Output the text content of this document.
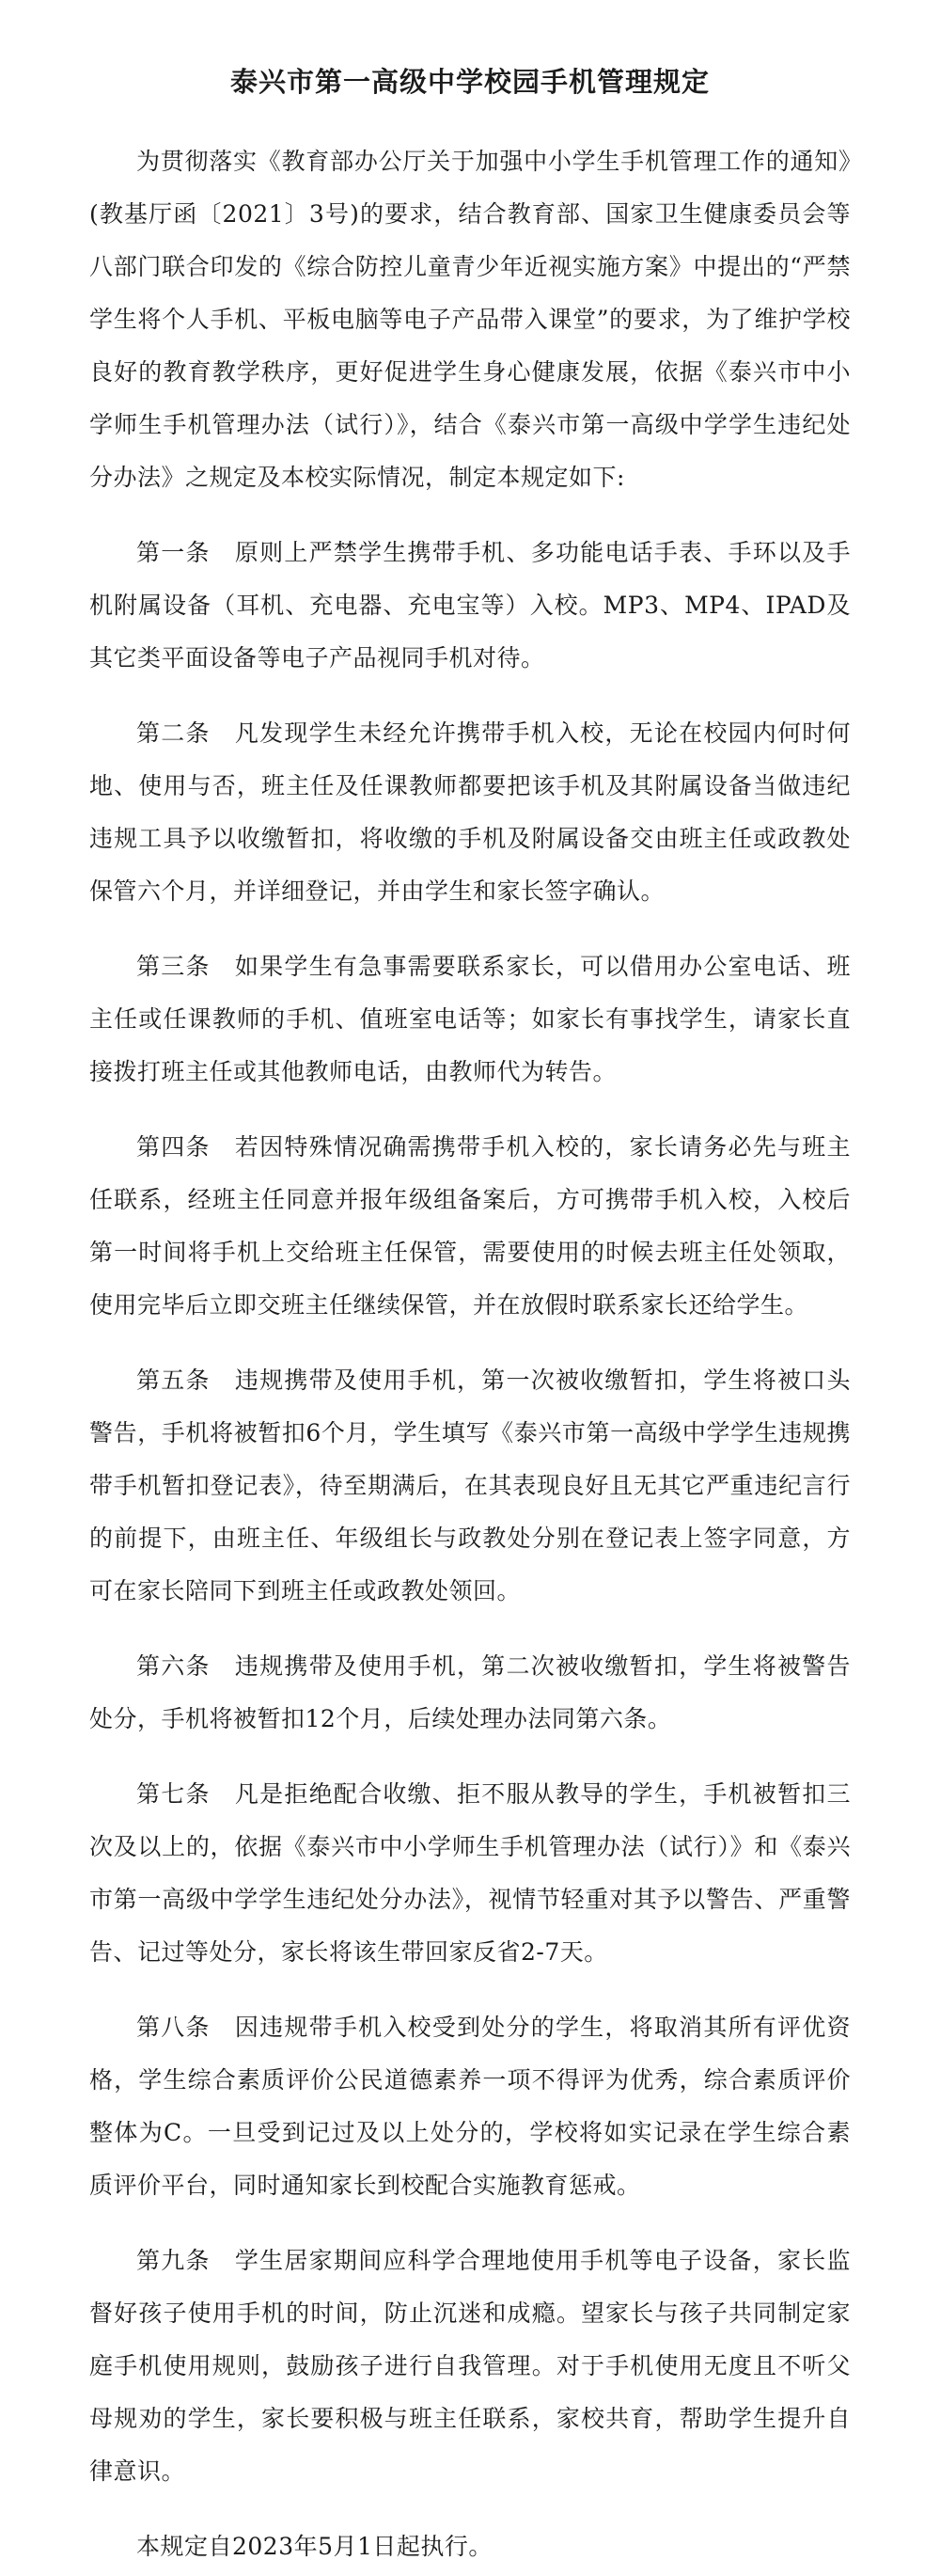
泰兴市第一高级中学校园手机管理规定

为贯彻落实《教育部办公厅关于加强中小学生手机管理工作的通知》(教基厅函〔2021〕3号)的要求，结合教育部、国家卫生健康委员会等八部门联合印发的《综合防控儿童青少年近视实施方案》中提出的“严禁学生将个人手机、平板电脑等电子产品带入课堂”的要求，为了维护学校良好的教育教学秩序，更好促进学生身心健康发展，依据《泰兴市中小学师生手机管理办法（试行）》，结合《泰兴市第一高级中学学生违纪处分办法》之规定及本校实际情况，制定本规定如下:

第一条　原则上严禁学生携带手机、多功能电话手表、手环以及手机附属设备（耳机、充电器、充电宝等）入校。MP3、MP4、IPAD及其它类平面设备等电子产品视同手机对待。

第二条　凡发现学生未经允许携带手机入校，无论在校园内何时何地、使用与否，班主任及任课教师都要把该手机及其附属设备当做违纪违规工具予以收缴暂扣，将收缴的手机及附属设备交由班主任或政教处保管六个月，并详细登记，并由学生和家长签字确认。

第三条　如果学生有急事需要联系家长，可以借用办公室电话、班主任或任课教师的手机、值班室电话等；如家长有事找学生，请家长直接拨打班主任或其他教师电话，由教师代为转告。

第四条　若因特殊情况确需携带手机入校的，家长请务必先与班主任联系，经班主任同意并报年级组备案后，方可携带手机入校，入校后第一时间将手机上交给班主任保管，需要使用的时候去班主任处领取，使用完毕后立即交班主任继续保管，并在放假时联系家长还给学生。

第五条　违规携带及使用手机，第一次被收缴暂扣，学生将被口头警告，手机将被暂扣6个月，学生填写《泰兴市第一高级中学学生违规携带手机暂扣登记表》，待至期满后，在其表现良好且无其它严重违纪言行的前提下，由班主任、年级组长与政教处分别在登记表上签字同意，方可在家长陪同下到班主任或政教处领回。

第六条　违规携带及使用手机，第二次被收缴暂扣，学生将被警告处分，手机将被暂扣12个月，后续处理办法同第六条。

第七条　凡是拒绝配合收缴、拒不服从教导的学生，手机被暂扣三次及以上的，依据《泰兴市中小学师生手机管理办法（试行）》和《泰兴市第一高级中学学生违纪处分办法》，视情节轻重对其予以警告、严重警告、记过等处分，家长将该生带回家反省2-7天。

第八条　因违规带手机入校受到处分的学生，将取消其所有评优资格，学生综合素质评价公民道德素养一项不得评为优秀，综合素质评价整体为C。一旦受到记过及以上处分的，学校将如实记录在学生综合素质评价平台，同时通知家长到校配合实施教育惩戒。

第九条　学生居家期间应科学合理地使用手机等电子设备，家长监督好孩子使用手机的时间，防止沉迷和成瘾。望家长与孩子共同制定家庭手机使用规则，鼓励孩子进行自我管理。对于手机使用无度且不听父母规劝的学生，家长要积极与班主任联系，家校共育，帮助学生提升自律意识。

本规定自2023年5月1日起执行。
